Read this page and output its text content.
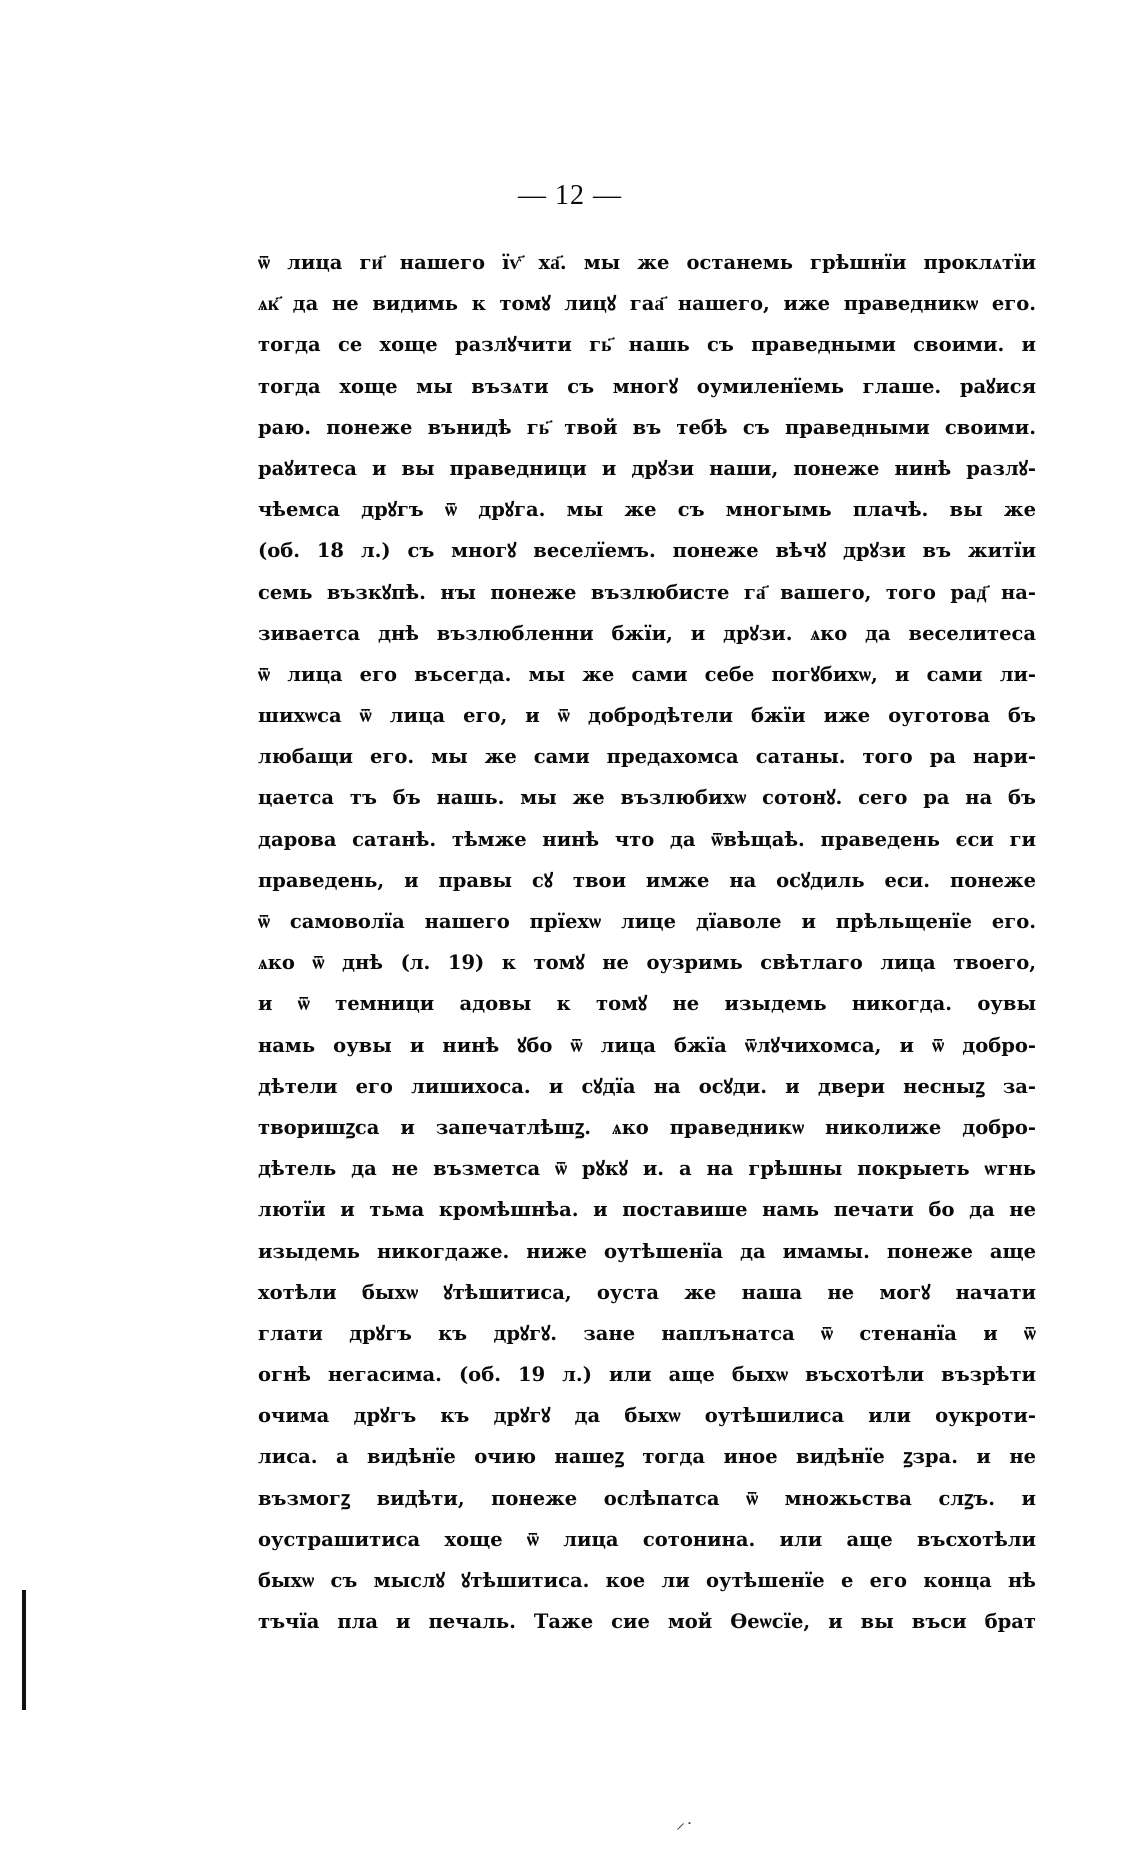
— 12 —
ѿ лица ги҃ нашего їѵ҃ ха҃. мы же останемь грѣшнїи проклѧтїи
ѧк҃ да не видимь к томꙋ лицꙋ гаа҃ нашего, иже праведникѡ его.
тогда се хоще разлꙋчити гь҃ нашь съ праведными своими. и
тогда хоще мы възѧти съ многꙋ оумиленїемь глаше. раꙋися
раю. понеже вънидѣ гь҃ твой въ тебѣ съ праведными своими.
раꙋитеса и вы праведници и дрꙋзи наши, понеже нинѣ разлꙋ-
чѣемса дрꙋгъ ѿ дрꙋга. мы же съ многымь плачѣ. вы же
(об. 18 л.) съ многꙋ веселїемъ. понеже вѣчꙋ дрꙋзи въ житїи
семь възкꙋпѣ. нꙑ понеже възлюбисте га҃ вашего, того рад҃ на-
зиваетса днѣ възлюбленни бжїи, и дрꙋзи. ѧко да веселитеса
ѿ лица его въсегда. мы же сами себе погꙋбихѡ, и сами ли-
шихѡса ѿ лица его, и ѿ добродѣтели бжїи иже оуготова бъ
любащи его. мы же сами предахомса сатаны. того ра нари-
цаетса тъ бъ нашь. мы же възлюбихѡ сотонꙋ. сего ра на бъ
дарова сатанѣ. тѣмже нинѣ что да ѿвѣщаѣ. праведень єси ги
праведень, и правы сꙋ твои имже на осꙋдиль еси. понеже
ѿ самоволїа нашего прїехѡ лице дїаволе и прѣльщенїе его.
ѧко ѿ днѣ (л. 19) к томꙋ не оузримь свѣтлаго лица твоего,
и ѿ темници адовы к томꙋ не изыдемь никогда. оувы
намь оувы и нинѣ ꙋбо ѿ лица бжїа ѿлꙋчихомса, и ѿ добро-
дѣтели его лишихоса. и сꙋдїа на осꙋди. и двери несныꙁ за-
творишꙁса и запечатлѣшꙁ. ѧко праведникѡ николиже добро-
дѣтель да не възметса ѿ рꙋкꙋ и. а на грѣшны покрыеть ѡгнь
лютїи и тьма кромѣшнѣа. и поставише намь печати бо да не
изыдемь никогдаже. ниже оутѣшенїа да имамы. понеже аще
хотѣли быхѡ ꙋтѣшитиса, оуста же наша не могꙋ начати
глати дрꙋгъ къ дрꙋгꙋ. зане наплънатса ѿ стенанїа и ѿ
огнѣ негасима. (об. 19 л.) или аще быхѡ въсхотѣли възрѣти
очима дрꙋгъ къ дрꙋгꙋ да быхѡ оутѣшилиса или оукроти-
лиса. а видѣнїе очию нашеꙁ тогда иное видѣнїе ꙁзра. и не
възмогꙁ видѣти, понеже ослѣпатса ѿ множьства слꙁъ. и
оустрашитиса хоще ѿ лица сотонина. или аще въсхотѣли
быхѡ съ мыслꙋ ꙋтѣшитиса. кое ли оутѣшенїе е его конца нѣ
тъчїа пла и печаль. Таже сие мой Ѳеѡсїе, и вы въси брат
⸍˙
